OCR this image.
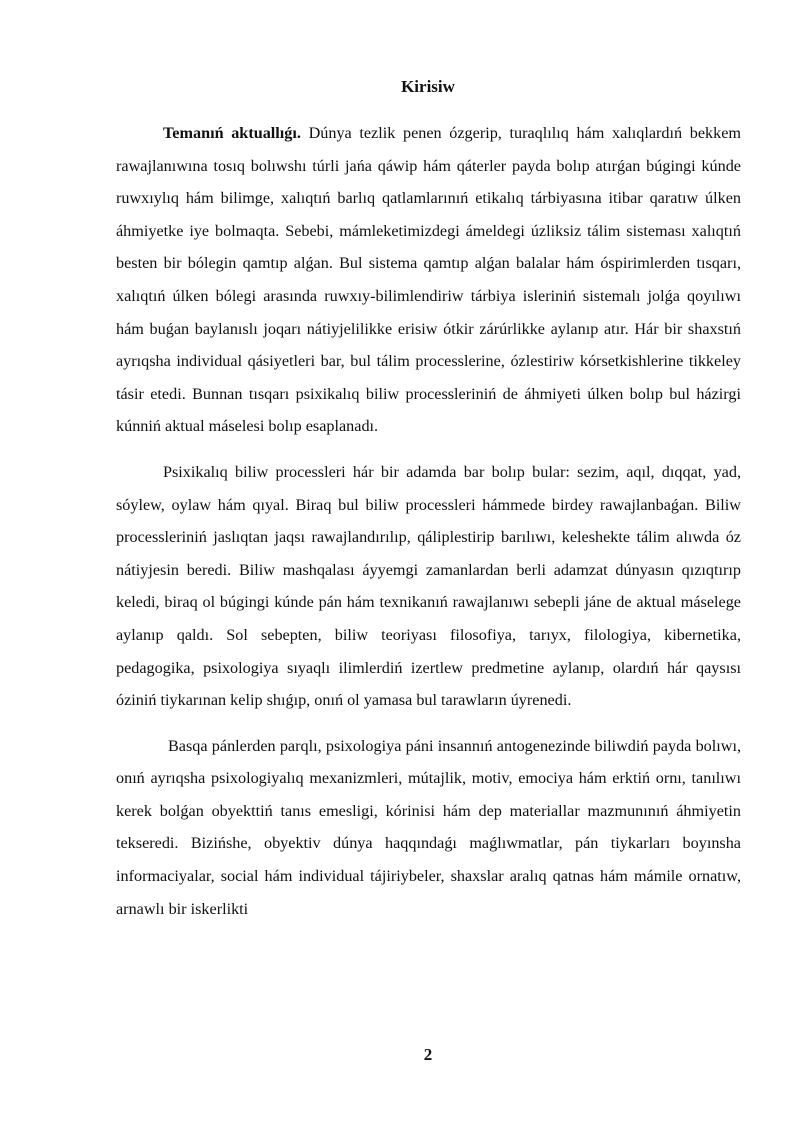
Kirisiw

Temanıń aktuallıǵı. Dúnya tezlik penen ózgerip, turaqlılıq hám xalıqlardıń bekkem rawajlanıwına tosıq bolıwshı túrli jańa qáwip hám qáterler payda bolıp atırǵan búgingi kúnde ruwxıylıq hám bilimge, xalıqtıń barlıq qatlamlarınıń etikalıq tárbiyasına itibar qaratıw úlken áhmiyetke iye bolmaqta. Sebebi, mámleketimizdegi ámeldegi úzliksiz tálim sisteması xalıqtıń besten bir bólegin qamtıp alǵan. Bul sistema qamtıp alǵan balalar hám óspirimlerden tısqarı, xalıqtıń úlken bólegi arasında ruwxıy-bilimlendiriw tárbiya isleriniń sistemalı jolǵa qoyılıwı hám buǵan baylanıslı joqarı nátiyjelilikke erisiw ótkir zárúrlikke aylanıp atır. Hár bir shaxstıń ayrıqsha individual qásiyetleri bar, bul tálim processlerine, ózlestiriw kórsetkishlerine tikkeley tásir etedi. Bunnan tısqarı psixikalıq biliw processleriniń de áhmiyeti úlken bolıp bul házirgi kúnniń aktual máselesi bolıp esaplanadı.

Psixikalıq biliw processleri hár bir adamda bar bolıp bular: sezim, aqıl, dıqqat, yad, sóylew, oylaw hám qıyal. Biraq bul biliw processleri hámmede birdey rawajlanbaǵan. Biliw processleriniń jaslıqtan jaqsı rawajlandırılıp, qáliplestirip barılıwı, keleshekte tálim alıwda óz nátiyjesin beredi. Biliw mashqalası áyyemgi zamanlardan berli adamzat dúnyasın qızıqtırıp keledi, biraq ol búgingi kúnde pán hám texnikanıń rawajlanıwı sebepli jáne de aktual máselege aylanıp qaldı. Sol sebepten, biliw teoriyası filosofiya, tarıyx, filologiya, kibernetika, pedagogika, psixologiya sıyaqlı ilimlerdiń izertlew predmetine aylanıp, olardıń hár qaysısı óziniń tiykarınan kelip shıǵıp, onıń ol yamasa bul tarawların úyrenedi.

Basqa pánlerden parqlı, psixologiya páni insannıń antogenezinde biliwdiń payda bolıwı, onıń ayrıqsha psixologiyalıq mexanizmleri, mútajlik, motiv, emociya hám erktiń ornı, tanılıwı kerek bolǵan obyekttiń tanıs emesligi, kórinisi hám dep materiallar mazmunınıń áhmiyetin tekseredi. Bizińshe, obyektiv dúnya haqqındaǵı maǵlıwmatlar, pán tiykarları boyınsha informaciyalar, social hám individual tájiriybeler, shaxslar aralıq qatnas hám mámile ornatıw, arnawlı bir iskerlikti

2
